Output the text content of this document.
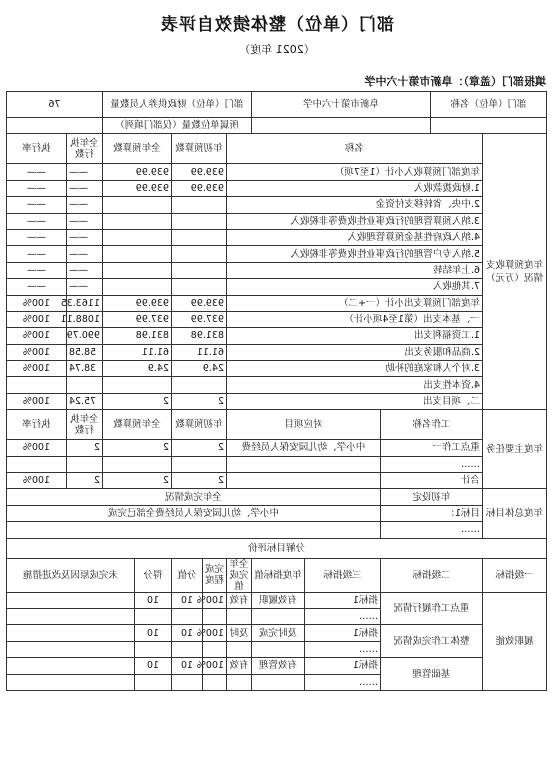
部门（单位）整体绩效自评表
（2021 年度）
填报部门（盖章）：阜新市第十六中学
部门（单位）名称		阜新市第十六中学			部门（单位）财政供养人员数量					76	
					所属单位数量（仅部门填列）						
年度预算收支情况（万元）	名称					年初预算数		全年预算数		全年执行数	执行率
	年度部门预算收入小计（1至7项）					939.99		939.99		——	——
	1.财政拨款收入					939.99		939.99		——	——
	2.中央、省转移支付资金									——	——
	3.纳入预算管理的行政事业性收费等非税收入									——	——
	4.纳入政府性基金预算管理收入									——	——
	5.纳入专户管理的行政事业性收费等非税收入									——	——
	6.上年结转									——	——
	7.其他收入									——	——
	年度部门预算支出小计（一+二）					939.99		939.99		1163.35	100%
	一、基本支出（第1至4项小计）					937.99		937.99		1088.11	100%
	1.工资福利支出					831.98		831.98		990.79	100%
	2.商品和服务支出					61.11		61.11		58.58	100%
	3.对个人和家庭的补助					24.9		24.9		38.74	100%
	4.资本性支出										
	二、项目支出					2		2		75.24	100%
年度主要任务	工作名称		对应项目			年初预算数		全年预算数		全年执行数	执行率
	重点工作一		中小学、幼儿园安保人员经费			2		2		2	100%
	……										
	合计					2		2		2	100%
年度总体目标	年初设定		全年完成情况								
	目标1：		中小学、幼儿园安保人员经费全部已完成								
	……										
分解目标评价											
一级指标	二级指标		三级指标	年度指标值	全年完成值	完成程度	分值	得分	未完成原因及改进措施		
履职效能	重点工作履行情况		指标1	有效履职	有效	100%	10	10			
			……								
	整体工作完成情况		指标1	及时完成	及时	100%	10	10			
			……								
	基础管理		指标1	有效管理	有效	100%	10	10			
			……								
